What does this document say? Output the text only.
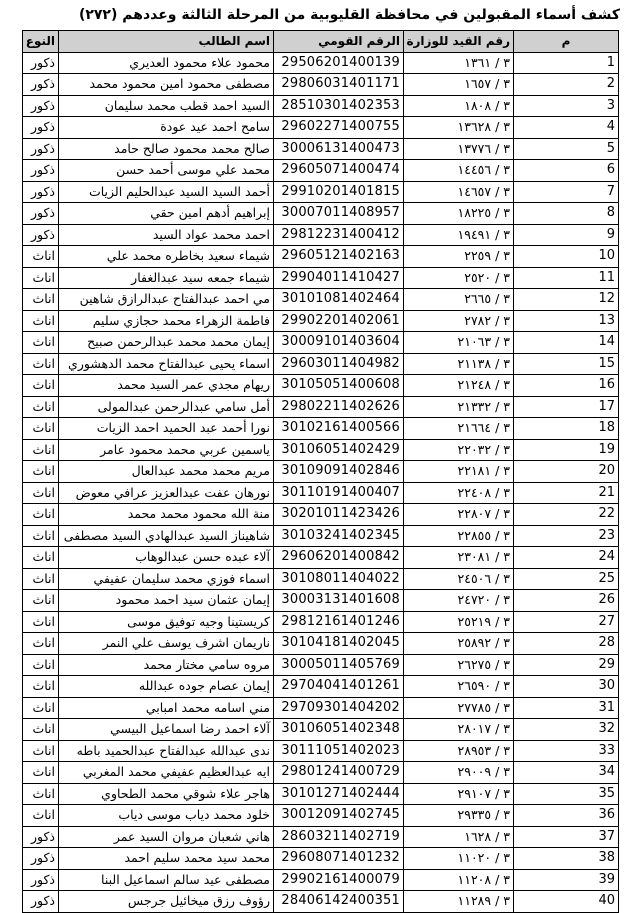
كشف أسماء المقبولين في محافظة القليوبية من المرحلة الثالثة وعددهم (٢٧٢)
النوع	اسم الطالب	الرقم القومي	رقم القيد للوزارة	م
ذكور	محمود علاء محمود العديري	29506201400139	٣ / ١٣٦١	1
ذكور	مصطفى محمود امين محمود محمد	29806031401171	٣ / ١٦٥٧	2
ذكور	السيد احمد قطب محمد سليمان	28510301402353	٣ / ١٨٠٨	3
ذكور	سامح احمد عيد عودة	29602271400755	٣ / ١٣٦٢٨	4
ذكور	صالح محمد محمود صالح حامد	30006131400473	٣ / ١٣٧٧٦	5
ذكور	محمد علي موسى أحمد حسن	29605071400474	٣ / ١٤٤٥٦	6
ذكور	أحمد السيد السيد عبدالحليم الزيات	29910201401815	٣ / ١٤٦٥٧	7
ذكور	إبراهيم أدهم امين حقي	30007011408957	٣ / ١٨٢٢٥	8
ذكور	احمد محمد عواد السيد	29812231400412	٣ / ١٩٤٩١	9
اناث	شيماء سعيد بخاطره محمد علي	29605121402163	٣ / ٢٢٥٩	10
اناث	شيماء جمعه سيد عبدالغفار	29904011410427	٣ / ٢٥٢٠	11
اناث	مي احمد عبدالفتاح عبدالرازق شاهين	30101081402464	٣ / ٢٦٦٥	12
اناث	فاطمة الزهراء محمد حجازي سليم	29902201402061	٣ / ٢٧٨٢	13
اناث	إيمان محمد محمد عبدالرحمن صبيح	30009101403604	٣ / ٢١٠٦٣	14
اناث	اسماء يحيى عبدالفتاح محمد الدهشوري	29603011404982	٣ / ٢١١٣٨	15
اناث	ريهام مجدي عمر السيد محمد	30105051400608	٣ / ٢١٢٤٨	16
اناث	أمل سامي عبدالرحمن عبدالمولى	29802211402626	٣ / ٢١٣٣٢	17
اناث	نورا أحمد عبد الحميد احمد الزيات	30102161400566	٣ / ٢١٦٦٤	18
اناث	ياسمين عربي محمد محمود عامر	30106051402429	٣ / ٢٢٠٣٢	19
اناث	مريم محمد محمد عبدالعال	30109091402846	٣ / ٢٢١٨١	20
اناث	نورهان عفت عبدالعزيز عرافي معوض	30110191400407	٣ / ٢٢٤٠٨	21
اناث	منة الله محمود محمد محمد	30201011423426	٣ / ٢٢٨٠٧	22
اناث	شاهيناز السيد عبدالهادي السيد مصطفى	30103241402345	٣ / ٢٢٨٥٥	23
اناث	آلاء عبده حسن عبدالوهاب	29606201400842	٣ / ٢٣٠٨١	24
اناث	اسماء فوزي محمد سليمان عفيفي	30108011404022	٣ / ٢٤٥٠٦	25
اناث	إيمان عثمان سيد احمد محمود	30003131401608	٣ / ٢٤٧٢٠	26
اناث	كريستينا وجيه توفيق موسى	29812161401246	٣ / ٢٥٢١٩	27
اناث	ناريمان اشرف يوسف علي النمر	30104181402045	٣ / ٢٥٨٩٢	28
اناث	مروه سامي مختار محمد	30005011405769	٣ / ٢٦٢٧٥	29
اناث	إيمان عصام جوده عبدالله	29704041401261	٣ / ٢٦٥٩٠	30
اناث	مني اسامه محمد امبابي	29709301404202	٣ / ٢٧٧٨٥	31
اناث	آلاء احمد رضا اسماعيل البيسي	30106051402348	٣ / ٢٨٠١٧	32
اناث	ندى عبدالله عبدالفتاح عبدالحميد باطه	30111051402023	٣ / ٢٨٩٥٣	33
اناث	ايه عبدالعظيم عفيفي محمد المغربي	29801241400729	٣ / ٢٩٠٠٩	34
اناث	هاجر علاء شوقي محمد الطحاوي	30101271402444	٣ / ٢٩١٠٧	35
اناث	خلود محمد دياب موسى دياب	30012091402745	٣ / ٢٩٣٣٥	36
ذكور	هاني شعبان مروان السيد عمر	28603211402719	٣ / ١٦٢٨	37
ذكور	محمد سيد محمد سليم احمد	29608071401232	٣ / ١١٠٢٠	38
ذكور	مصطفى عيد سالم اسماعيل البنا	29902161400079	٣ / ١١٢٠٨	39
ذكور	رؤوف رزق ميخائيل جرجس	28406142400351	٣ / ١١٢٨٩	40
